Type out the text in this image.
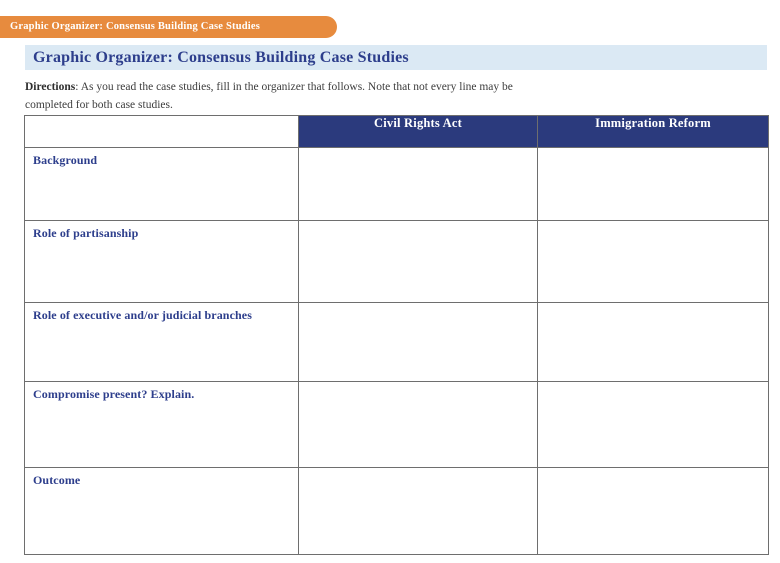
Graphic Organizer: Consensus Building Case Studies
Graphic Organizer: Consensus Building Case Studies

Directions: As you read the case studies, fill in the organizer that follows. Note that not every line may be
completed for both case studies.

	Civil Rights Act	Immigration Reform
Background		
Role of partisanship		
Role of executive and/or judicial branches		
Compromise present? Explain.		
Outcome		
